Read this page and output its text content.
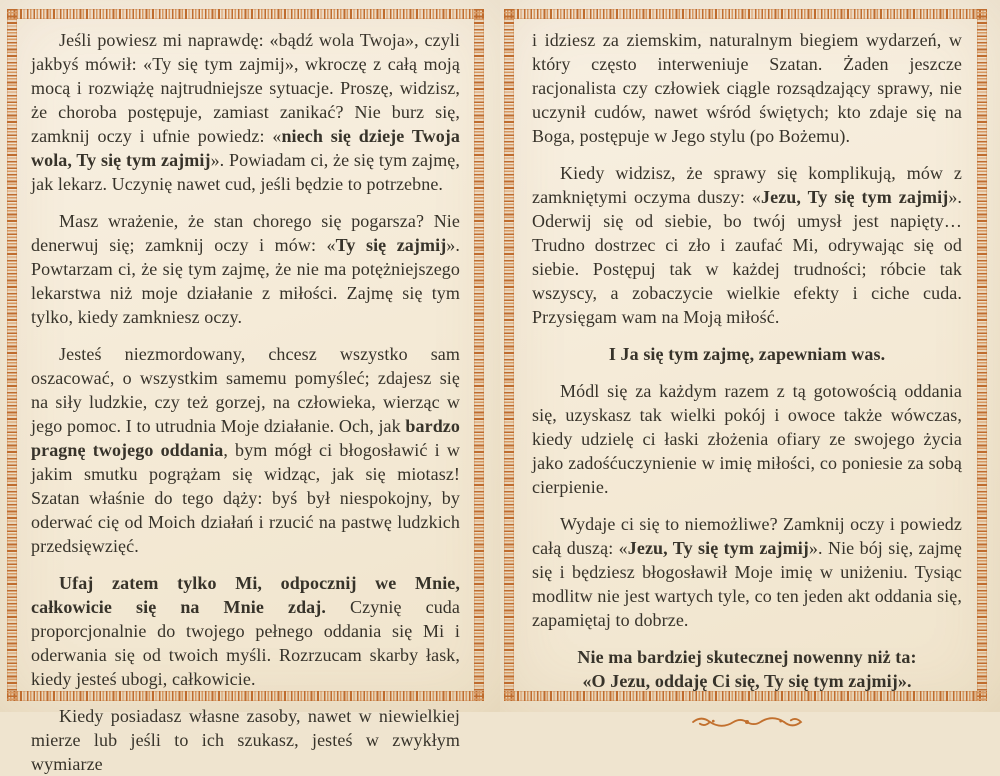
Jeśli powiesz mi naprawdę: «bądź wola Twoja», czyli jakbyś mówił: «Ty się tym zajmij», wkroczę z całą moją mocą i rozwiążę najtrudniejsze sytuacje. Proszę, widzisz, że choroba postępuje, zamiast zanikać? Nie burz się, zamknij oczy i ufnie powiedz: «niech się dzieje Twoja wola, Ty się tym zajmij». Powiadam ci, że się tym zajmę, jak lekarz. Uczynię nawet cud, jeśli będzie to potrzebne.

Masz wrażenie, że stan chorego się pogarsza? Nie denerwuj się; zamknij oczy i mów: «Ty się zajmij». Powtarzam ci, że się tym zajmę, że nie ma potężniejszego lekarstwa niż moje działanie z miłości. Zajmę się tym tylko, kiedy zamkniesz oczy.

Jesteś niezmordowany, chcesz wszystko sam oszacować, o wszystkim samemu pomyśleć; zdajesz się na siły ludzkie, czy też gorzej, na człowieka, wierząc w jego pomoc. I to utrudnia Moje działanie. Och, jak bardzo pragnę twojego oddania, bym mógł ci błogosławić i w jakim smutku pogrążam się widząc, jak się miotasz! Szatan właśnie do tego dąży: byś był niespokojny, by oderwać cię od Moich działań i rzucić na pastwę ludzkich przedsięwzięć.

Ufaj zatem tylko Mi, odpocznij we Mnie, całkowicie się na Mnie zdaj. Czynię cuda proporcjonalnie do twojego pełnego oddania się Mi i oderwania się od twoich myśli. Rozrzucam skarby łask, kiedy jesteś ubogi, całkowicie.

Kiedy posiadasz własne zasoby, nawet w niewielkiej mierze lub jeśli to ich szukasz, jesteś w zwykłym wymiarze

i idziesz za ziemskim, naturalnym biegiem wydarzeń, w który często interweniuje Szatan. Żaden jeszcze racjonalista czy człowiek ciągle rozsądzający sprawy, nie uczynił cudów, nawet wśród świętych; kto zdaje się na Boga, postępuje w Jego stylu (po Bożemu).

Kiedy widzisz, że sprawy się komplikują, mów z zamkniętymi oczyma duszy: «Jezu, Ty się tym zajmij». Oderwij się od siebie, bo twój umysł jest napięty… Trudno dostrzec ci zło i zaufać Mi, odrywając się od siebie. Postępuj tak w każdej trudności; róbcie tak wszyscy, a zobaczycie wielkie efekty i ciche cuda. Przysięgam wam na Moją miłość.

I Ja się tym zajmę, zapewniam was.

Módl się za każdym razem z tą gotowością oddania się, uzyskasz tak wielki pokój i owoce także wówczas, kiedy udzielę ci łaski złożenia ofiary ze swojego życia jako zadośćuczynienie w imię miłości, co poniesie za sobą cierpienie.

Wydaje ci się to niemożliwe? Zamknij oczy i powiedz całą duszą: «Jezu, Ty się tym zajmij». Nie bój się, zajmę się i będziesz błogosławił Moje imię w uniżeniu. Tysiąc modlitw nie jest wartych tyle, co ten jeden akt oddania się, zapamiętaj to dobrze.

Nie ma bardziej skutecznej nowenny niż ta:
«O Jezu, oddaję Ci się, Ty się tym zajmij».
